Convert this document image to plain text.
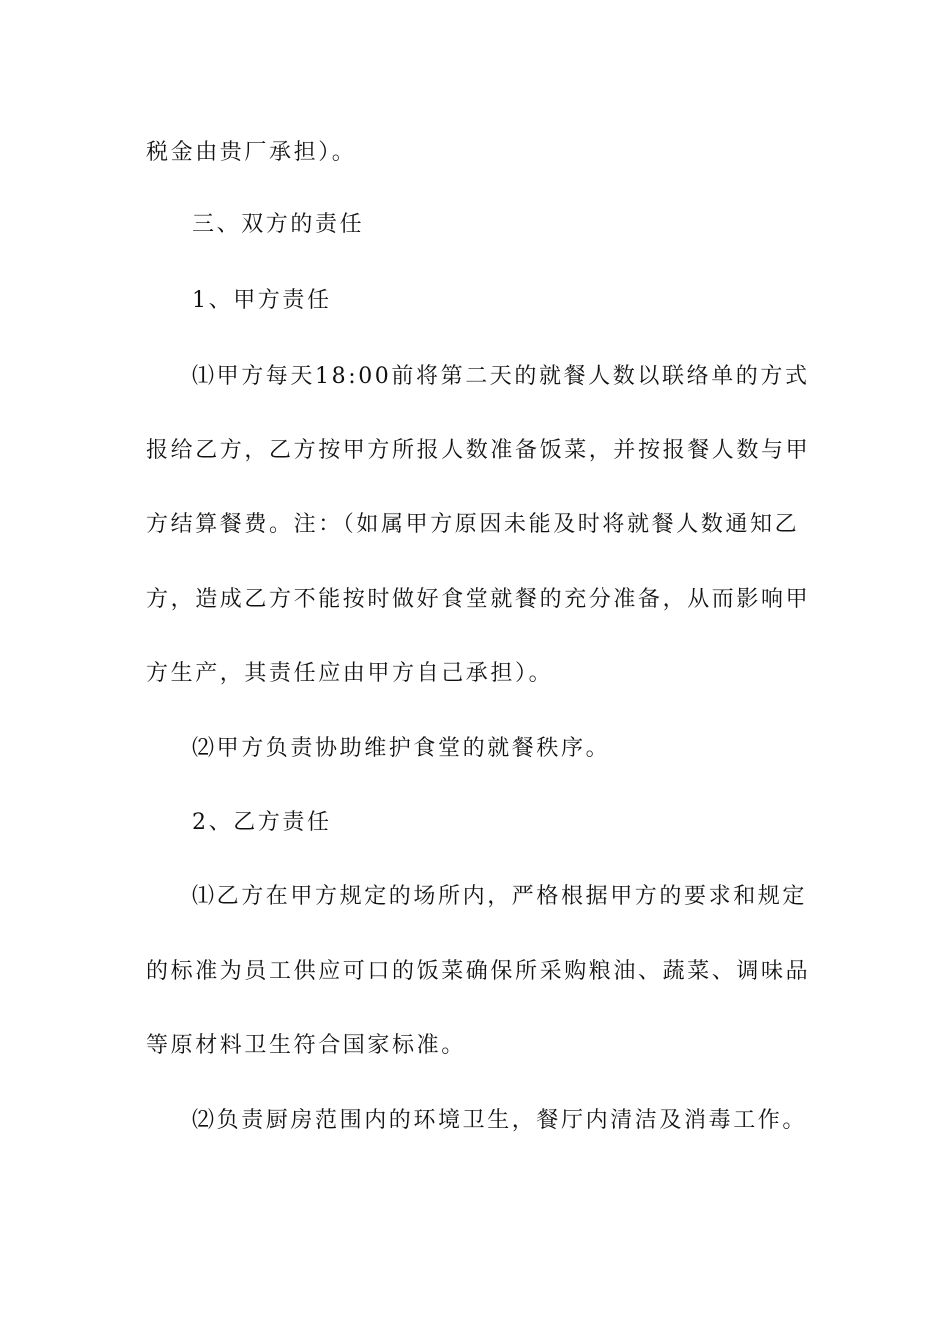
税金由贵厂承担）。
三、双方的责任
1、甲方责任
⑴甲方每天18:00前将第二天的就餐人数以联络单的方式
报给乙方，乙方按甲方所报人数准备饭菜，并按报餐人数与甲
方结算餐费。注：（如属甲方原因未能及时将就餐人数通知乙
方，造成乙方不能按时做好食堂就餐的充分准备，从而影响甲
方生产，其责任应由甲方自己承担）。
⑵甲方负责协助维护食堂的就餐秩序。
2、乙方责任
⑴乙方在甲方规定的场所内，严格根据甲方的要求和规定
的标准为员工供应可口的饭菜确保所采购粮油、蔬菜、调味品
等原材料卫生符合国家标准。
⑵负责厨房范围内的环境卫生，餐厅内清洁及消毒工作。
